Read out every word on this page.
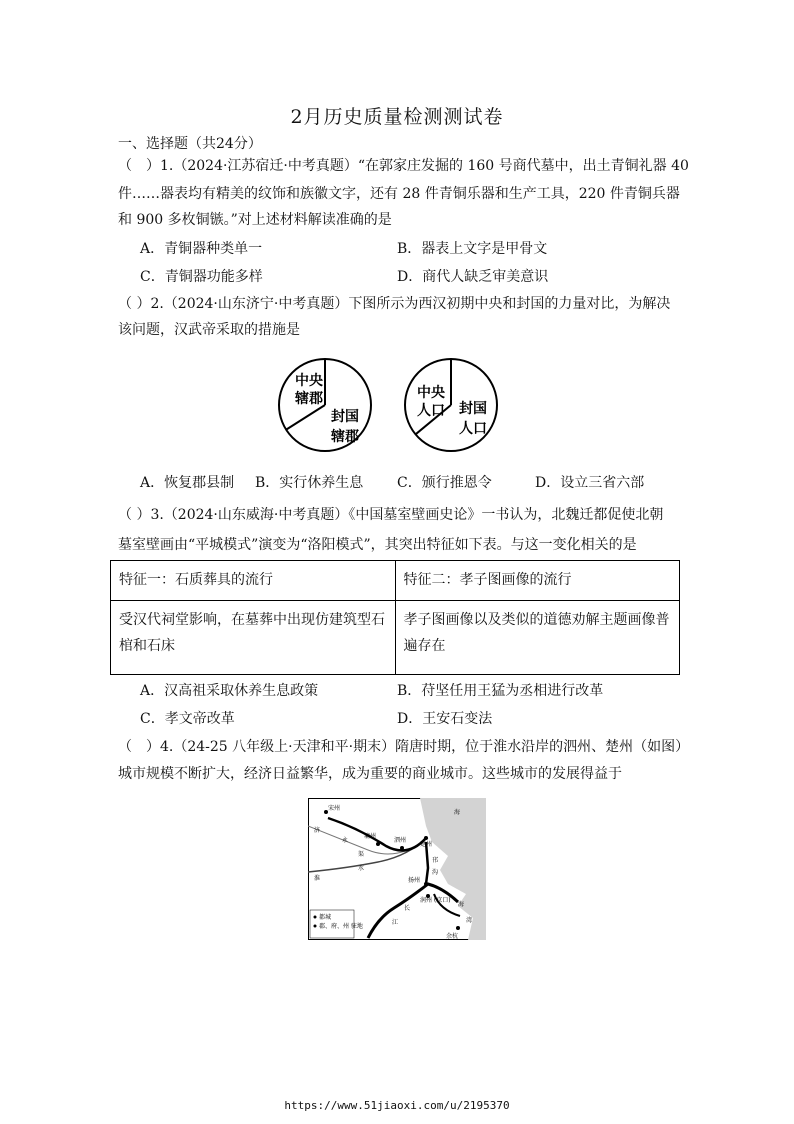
2月历史质量检测测试卷
一、选择题（共24分）
（　）1.（2024·江苏宿迁·中考真题）“在郭家庄发掘的 160 号商代墓中，出土青铜礼器 40
件……器表均有精美的纹饰和族徽文字，还有 28 件青铜乐器和生产工具，220 件青铜兵器
和 900 多枚铜镞。”对上述材料解读准确的是
A．青铜器种类单一	B．器表上文字是甲骨文
C．青铜器功能多样	D．商代人缺乏审美意识
（ ）2.（2024·山东济宁·中考真题）下图所示为西汉初期中央和封国的力量对比，为解决
该问题，汉武帝采取的措施是
中央
辖郡
封国
辖郡
中央
人口 封国
人口
A．恢复郡县制 B．实行休养生息 C．颁行推恩令	D．设立三省六部
（ ）3.（2024·山东威海·中考真题）《中国墓室壁画史论》一书认为，北魏迁都促使北朝
墓室壁画由“平城模式”演变为“洛阳模式”，其突出特征如下表。与这一变化相关的是
特征一：石质葬具的流行	特征二：孝子图画像的流行
受汉代祠堂影响，在墓葬中出现仿建筑型石棺和石床	孝子图画像以及类似的道德劝解主题画像普遍存在
A．汉高祖采取休养生息政策	B．苻坚任用王猛为丞相进行改革
C．孝文帝改革	D．王安石变法
（　）4.（24-25 八年级上·天津和平·期末）隋唐时期，位于淮水沿岸的泗州、楚州（如图）
城市规模不断扩大，经济日益繁华，成为重要的商业城市。这些城市的发展得益于
宋州
济
永
渠
水
淮
墉州
泗州
楚州
邗
沟
扬州
长
江
润州 (京口)
海
海
湾
余杭
都城
郡、府、州 驻地
https://www.51jiaoxi.com/u/2195370
